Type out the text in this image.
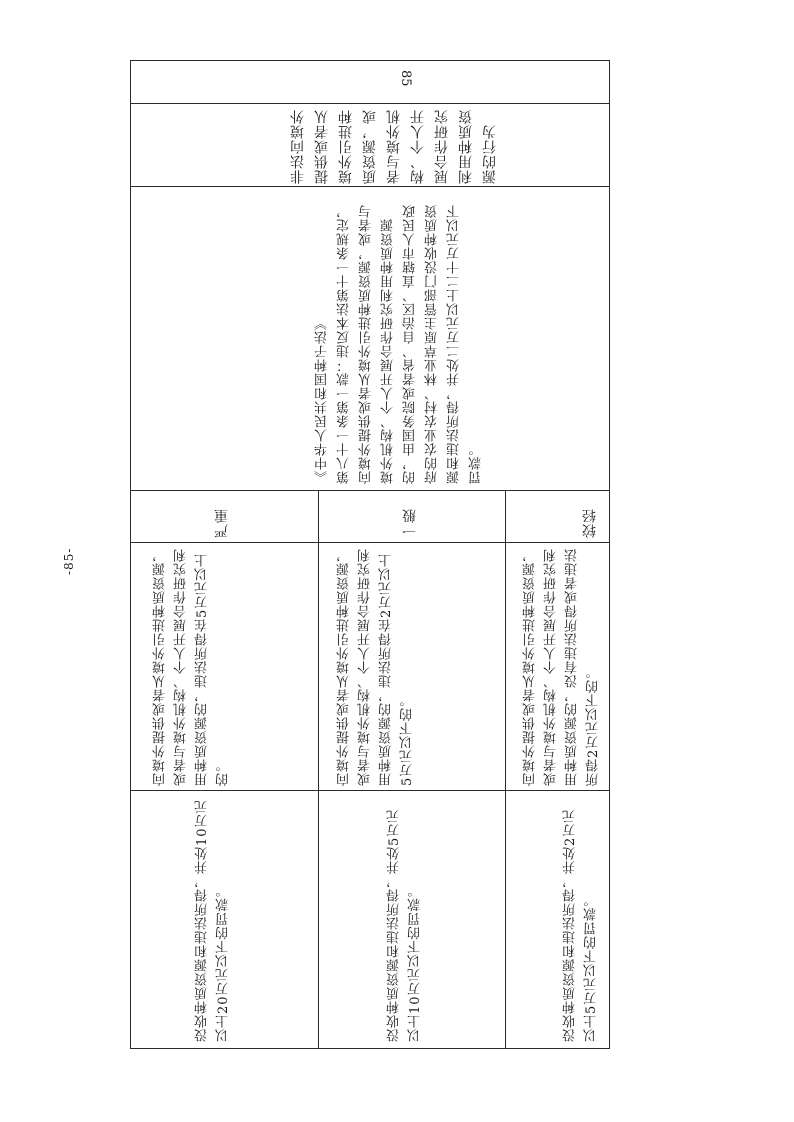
-85-
85
非法向境外提供或者从境外引进种质资源，或者与境外机构、个人开展合作研究利用种质资源的行为
《中华人民共和国种子法》
第八十一条第一款：违反本法第十一条规定，向境外提供或者从境外引进种质资源，或者与境外机构、个人开展合作研究利用种质资源的，由国务院或者省、自治区、直辖市人民政府的农业农村、林业草原主管部门没收种质资源和违法所得，并处二万元以上二十万元以下罚款。
较轻
一般
严重
向境外提供或者从境外引进种质资源，或者与境外机构、个人开展合作研究利用种质资源的，没有违法所得或者违法所得2万元以下的。
向境外提供或者从境外引进种质资源，或者与境外机构、个人开展合作研究利用种质资源的，违法所得在2万元以上5万元以下的。
向境外提供或者从境外引进种质资源，或者与境外机构、个人开展合作研究利用种质资源的，违法所得在5万元以上的。
没收种质资源和违法所得，并处2万元以上5万元以下的罚款。
没收种质资源和违法所得，并处5万元以上10万元以下的罚款。
没收种质资源和违法所得，并处10万元以上20万元以下的罚款。
